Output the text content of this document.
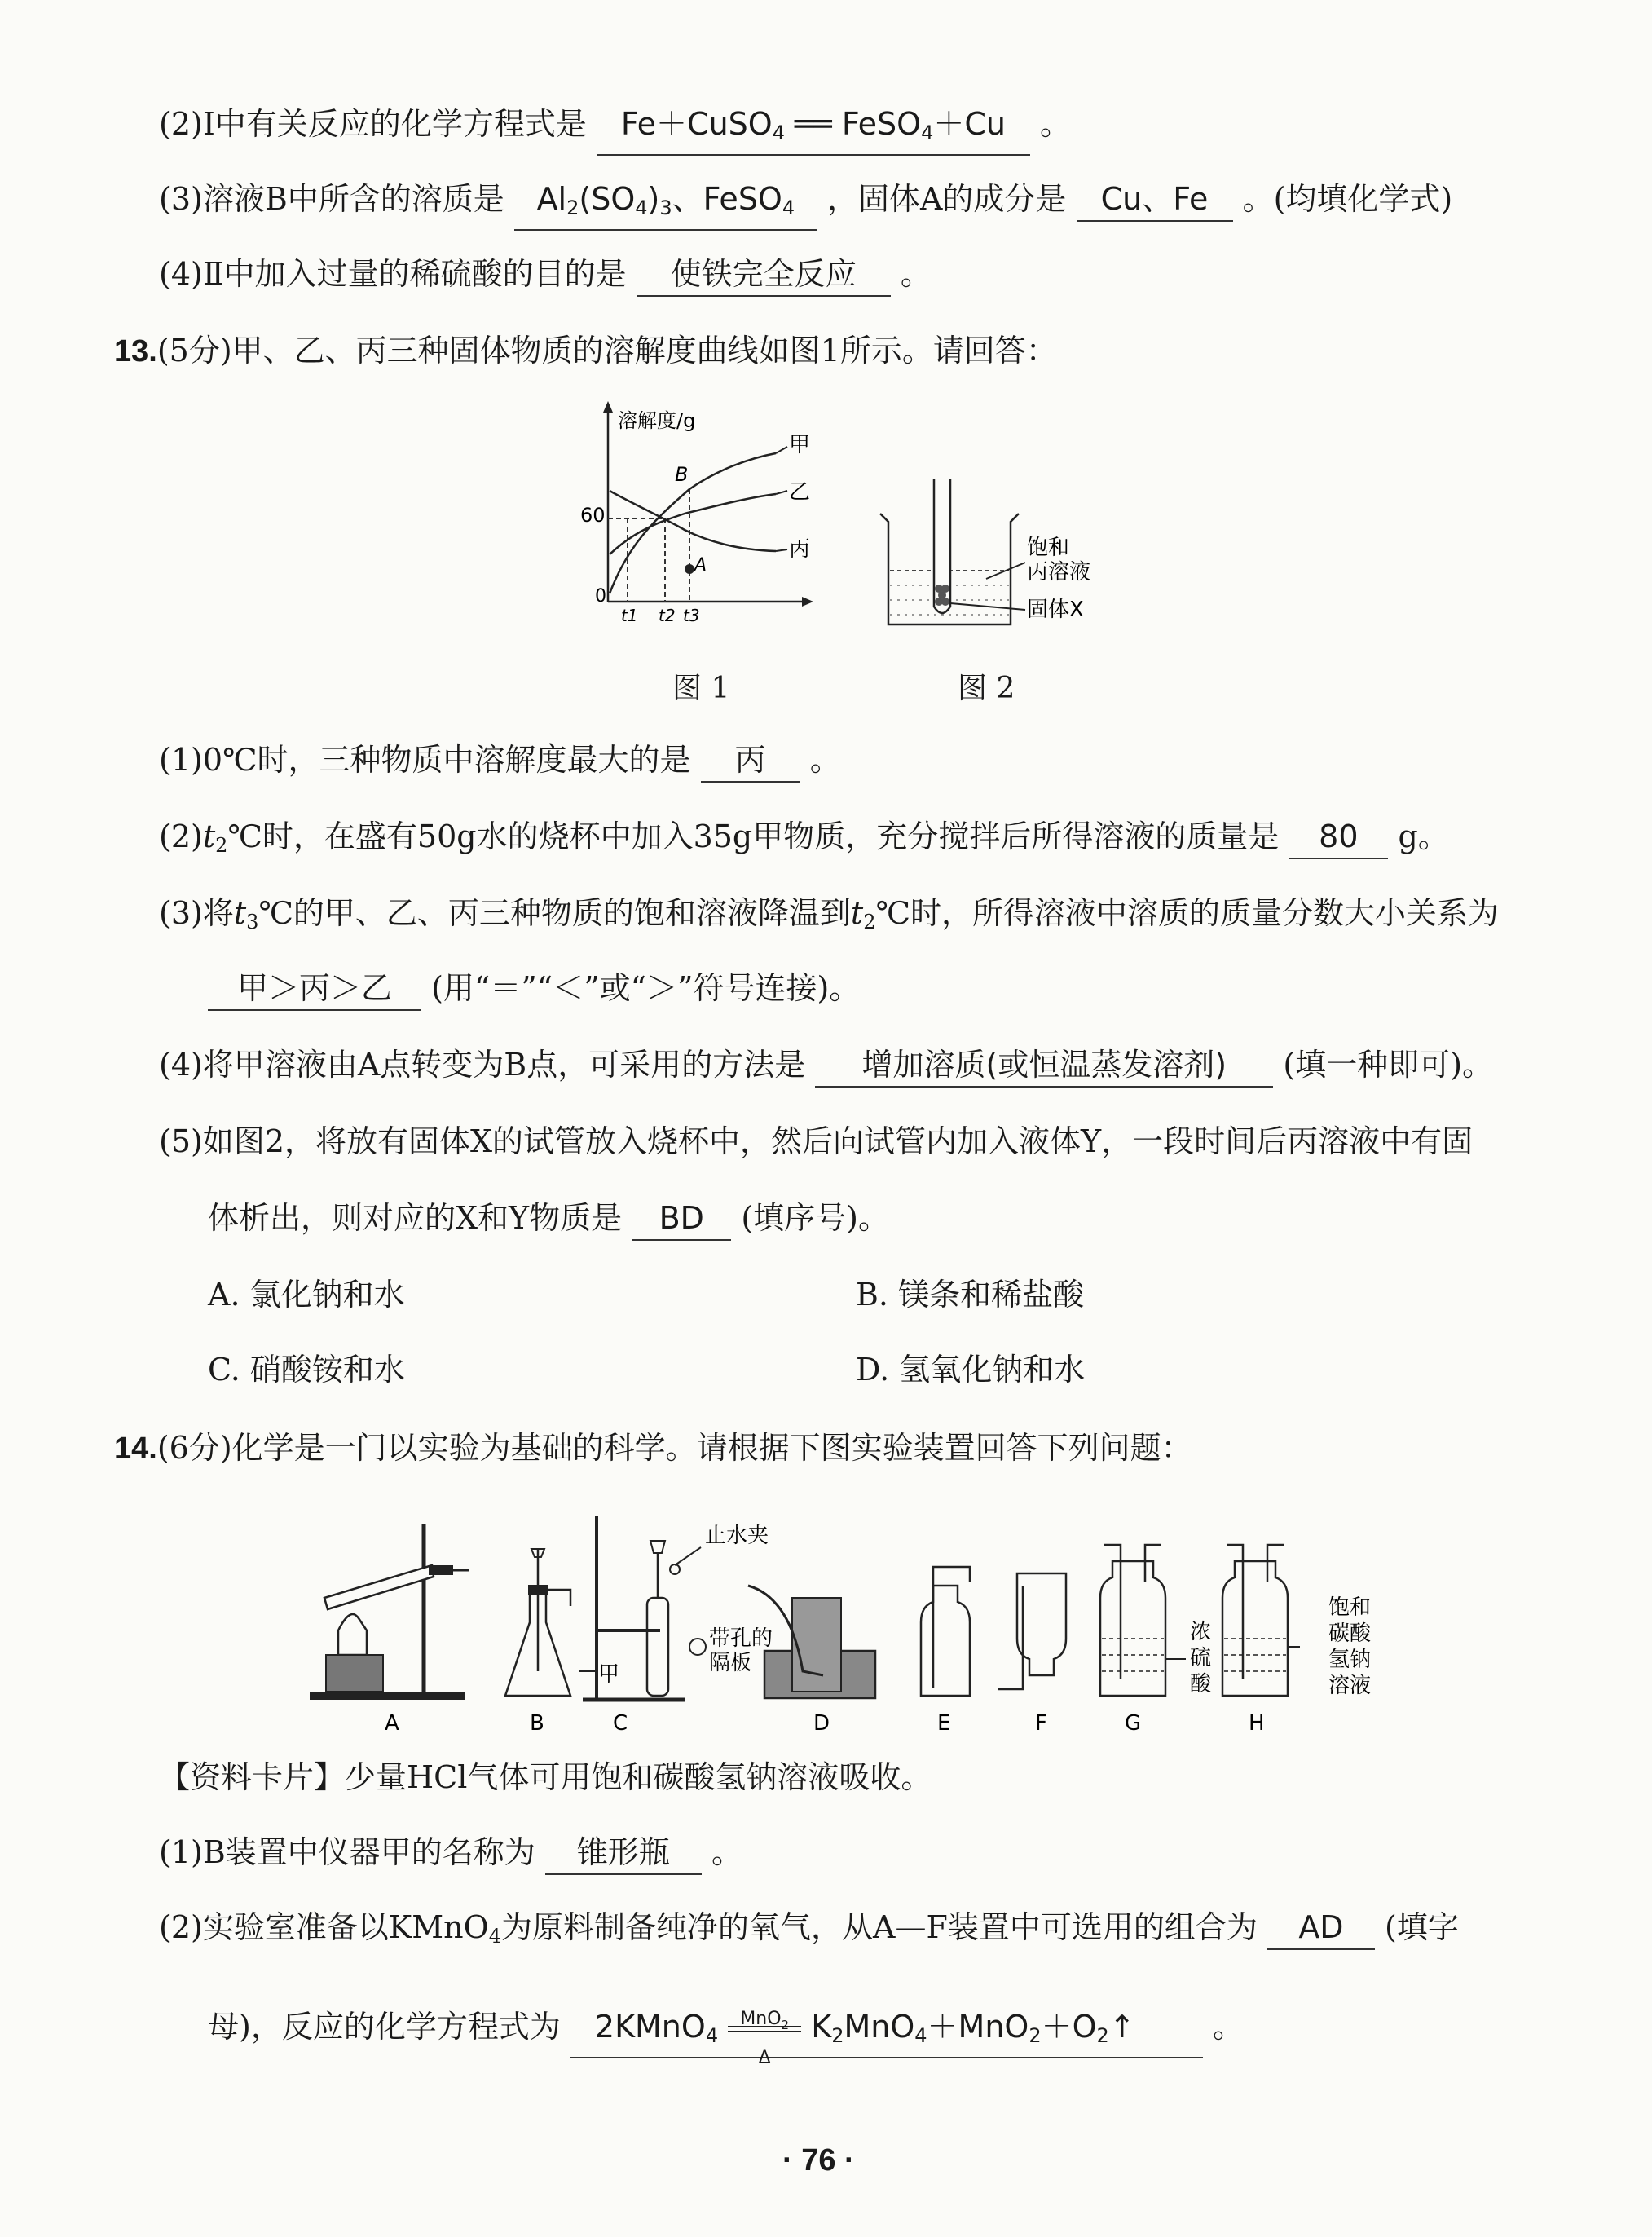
(2)Ⅰ中有关反应的化学方程式是 Fe＋CuSO$_4$ ══ FeSO$_4$＋Cu 。
(3)溶液B中所含的溶质是 $Al_2(SO_4)_3$、FeSO$_4$ ，固体A的成分是 Cu、Fe 。(均填化学式)
(4)Ⅱ中加入过量的稀硫酸的目的是 使铁完全反应 。
13.(5分)甲、乙、丙三种固体物质的溶解度曲线如图1所示。请回答：
溶解度/g
60
0
A
B
甲
乙
丙
t1 t2 t3
图 1
饱和
丙溶液
固体X
图 2
(1)0℃时，三种物质中溶解度最大的是 丙 。
$(2)t_2℃$时，在盛有50g水的烧杯中加入35g甲物质，充分搅拌后所得溶液的质量是 80 g。
(3)将$t_3℃$的甲、乙、丙三种物质的饱和溶液降温到$t_2℃$时，所得溶液中溶质的质量分数大小关系为
甲＞丙＞乙 (用“＝”“＜”或“＞”符号连接)。
(4)将甲溶液由A点转变为B点，可采用的方法是 增加溶质(或恒温蒸发溶剂) (填一种即可)。
(5)如图2，将放有固体X的试管放入烧杯中，然后向试管内加入液体Y，一段时间后丙溶液中有固
体析出，则对应的X和Y物质是 BD (填序号)。
A. 氯化钠和水	B. 镁条和稀盐酸
C. 硝酸铵和水	D. 氢氧化钠和水
14.(6分)化学是一门以实验为基础的科学。请根据下图实验装置回答下列问题：
A
甲
B
止水夹
带孔的
隔板
C	D	E	F	G
浓
硫
酸
H
饱和
碳酸
氢钠
溶液
【资料卡片】少量HCl气体可用饱和碳酸氢钠溶液吸收。
(1)B装置中仪器甲的名称为 锥形瓶 。
(2)实验室准备以KMnO$_4$为原料制备纯净的氧气，从A—F装置中可选用的组合为 AD (填字
母)，反应的化学方程式为 2KMnO$_4$
MnO$_2$
Δ
$K_2MnO_4+MnO_2+O_2↑$	。
· 76 ·
